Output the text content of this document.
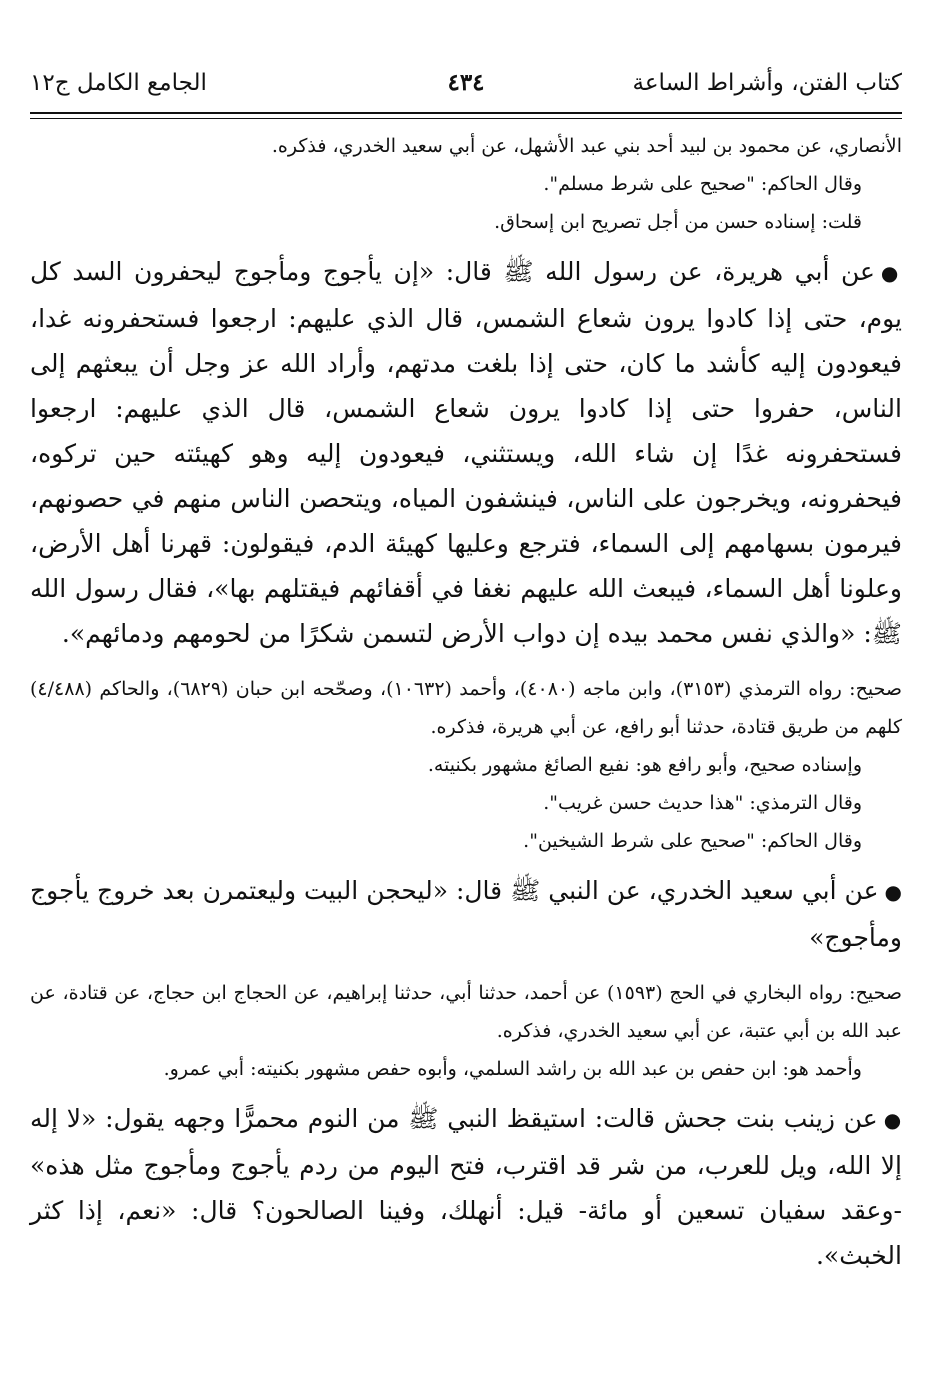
كتاب الفتن، وأشراط الساعة
٤٣٤
الجامع الكامل ج١٢

الأنصاري، عن محمود بن لبيد أحد بني عبد الأشهل، عن أبي سعيد الخدري، فذكره.

وقال الحاكم: "صحيح على شرط مسلم".

قلت: إسناده حسن من أجل تصريح ابن إسحاق.

●عن أبي هريرة، عن رسول الله ﷺ قال: «إن يأجوج ومأجوج ليحفرون السد كل يوم، حتى إذا كادوا يرون شعاع الشمس، قال الذي عليهم: ارجعوا فستحفرونه غدا، فيعودون إليه كأشد ما كان، حتى إذا بلغت مدتهم، وأراد الله عز وجل أن يبعثهم إلى الناس، حفروا حتى إذا كادوا يرون شعاع الشمس، قال الذي عليهم: ارجعوا فستحفرونه غدًا إن شاء الله، ويستثني، فيعودون إليه وهو كهيئته حين تركوه، فيحفرونه، ويخرجون على الناس، فينشفون المياه، ويتحصن الناس منهم في حصونهم، فيرمون بسهامهم إلى السماء، فترجع وعليها كهيئة الدم، فيقولون: قهرنا أهل الأرض، وعلونا أهل السماء، فيبعث الله عليهم نغفا في أقفائهم فيقتلهم بها»، فقال رسول الله ﷺ: «والذي نفس محمد بيده إن دواب الأرض لتسمن شكرًا من لحومهم ودمائهم».

صحيح: رواه الترمذي (٣١٥٣)، وابن ماجه (٤٠٨٠)، وأحمد (١٠٦٣٢)، وصحّحه ابن حبان (٦٨٢٩)، والحاكم (٤/٤٨٨) كلهم من طريق قتادة، حدثنا أبو رافع، عن أبي هريرة، فذكره.

وإسناده صحيح، وأبو رافع هو: نفيع الصائغ مشهور بكنيته.

وقال الترمذي: "هذا حديث حسن غريب".

وقال الحاكم: "صحيح على شرط الشيخين".

●عن أبي سعيد الخدري، عن النبي ﷺ قال: «ليحجن البيت وليعتمرن بعد خروج يأجوج ومأجوج»

صحيح: رواه البخاري في الحج (١٥٩٣) عن أحمد، حدثنا أبي، حدثنا إبراهيم، عن الحجاج ابن حجاج، عن قتادة، عن عبد الله بن أبي عتبة، عن أبي سعيد الخدري، فذكره.

وأحمد هو: ابن حفص بن عبد الله بن راشد السلمي، وأبوه حفص مشهور بكنيته: أبي عمرو.

●عن زينب بنت جحش قالت: استيقظ النبي ﷺ من النوم محمرًّا وجهه يقول: «لا إله إلا الله، ويل للعرب، من شر قد اقترب، فتح اليوم من ردم يأجوج ومأجوج مثل هذه» -وعقد سفيان تسعين أو مائة- قيل: أنهلك، وفينا الصالحون؟ قال: «نعم، إذا كثر الخبث».
